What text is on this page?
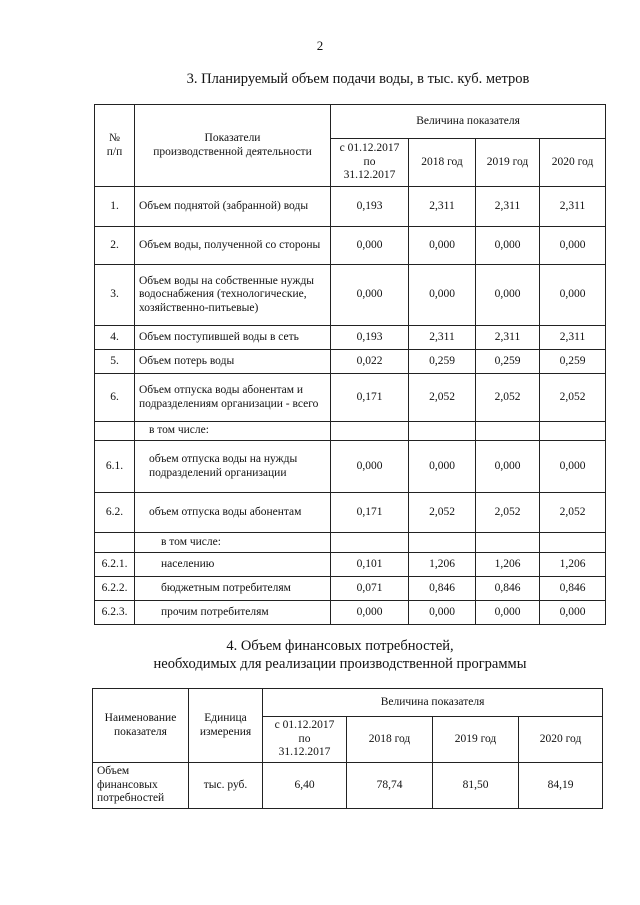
2
3. Планируемый объем подачи воды, в тыс. куб. метров
№
п/п	Показатели
производственной деятельности	Величина показателя			
		с 01.12.2017
по
31.12.2017	2018 год	2019 год	2020 год
1.	Объем поднятой (забранной) воды	0,193	2,311	2,311	2,311
2.	Объем воды, полученной со стороны	0,000	0,000	0,000	0,000
3.	Объем воды на собственные нужды водоснабжения (технологические, хозяйственно-питьевые)	0,000	0,000	0,000	0,000
4.	Объем поступившей воды в сеть	0,193	2,311	2,311	2,311
5.	Объем потерь воды	0,022	0,259	0,259	0,259
6.	Объем отпуска воды абонентам и подразделениям организации - всего	0,171	2,052	2,052	2,052
	в том числе:				
6.1.	объем отпуска воды на нужды подразделений организации	0,000	0,000	0,000	0,000
6.2.	объем отпуска воды абонентам	0,171	2,052	2,052	2,052
	в том числе:				
6.2.1.	населению	0,101	1,206	1,206	1,206
6.2.2.	бюджетным потребителям	0,071	0,846	0,846	0,846
6.2.3.	прочим потребителям	0,000	0,000	0,000	0,000
4. Объем финансовых потребностей,
необходимых для реализации производственной программы
Наименование
показателя	Единица
измерения	Величина показателя			
		с 01.12.2017
по
31.12.2017	2018 год	2019 год	2020 год
Объем
финансовых
потребностей	тыс. руб.	6,40	78,74	81,50	84,19
